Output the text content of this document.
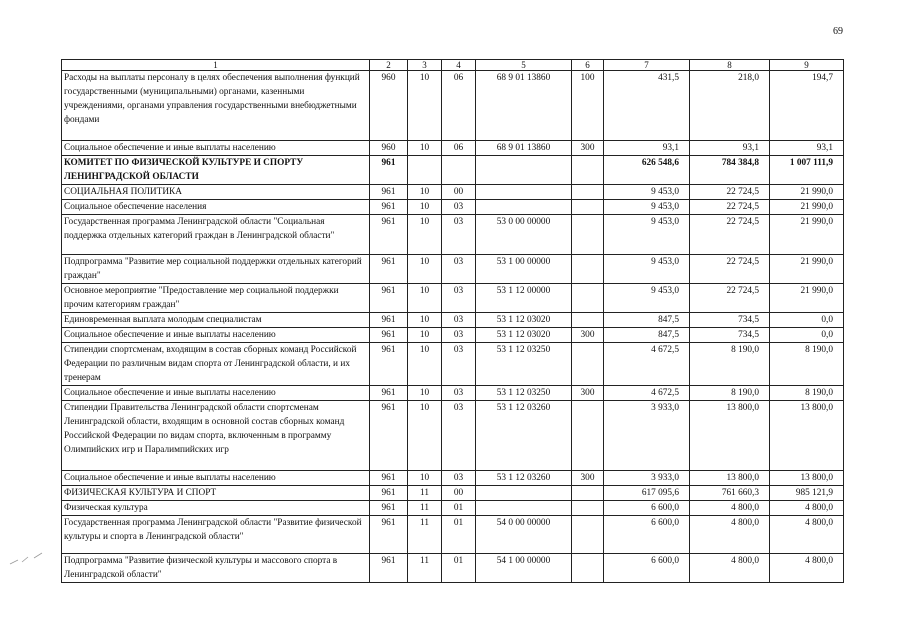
69
1	2	3	4	5	6	7	8	9
Расходы на выплаты персоналу в целях обеспечения выполнения функций государственными (муниципальными) органами, казенными учреждениями, органами управления государственными внебюджетными фондами	960	10	06	68 9 01 13860	100	431,5	218,0	194,7
Социальное обеспечение и иные выплаты населению	960	10	06	68 9 01 13860	300	93,1	93,1	93,1
КОМИТЕТ ПО ФИЗИЧЕСКОЙ КУЛЬТУРЕ И СПОРТУ ЛЕНИНГРАДСКОЙ ОБЛАСТИ	961					626 548,6	784 384,8	1 007 111,9
СОЦИАЛЬНАЯ ПОЛИТИКА	961	10	00			9 453,0	22 724,5	21 990,0
Социальное обеспечение населения	961	10	03			9 453,0	22 724,5	21 990,0
Государственная программа Ленинградской области "Социальная поддержка отдельных категорий граждан в Ленинградской области"	961	10	03	53 0 00 00000		9 453,0	22 724,5	21 990,0
Подпрограмма "Развитие мер социальной поддержки отдельных категорий граждан"	961	10	03	53 1 00 00000		9 453,0	22 724,5	21 990,0
Основное мероприятие "Предоставление мер социальной поддержки прочим категориям граждан"	961	10	03	53 1 12 00000		9 453,0	22 724,5	21 990,0
Единовременная выплата молодым специалистам	961	10	03	53 1 12 03020		847,5	734,5	0,0
Социальное обеспечение и иные выплаты населению	961	10	03	53 1 12 03020	300	847,5	734,5	0,0
Стипендии спортсменам, входящим в состав сборных команд Российской Федерации по различным видам спорта от Ленинградской области, и их тренерам	961	10	03	53 1 12 03250		4 672,5	8 190,0	8 190,0
Социальное обеспечение и иные выплаты населению	961	10	03	53 1 12 03250	300	4 672,5	8 190,0	8 190,0
Стипендии Правительства Ленинградской области спортсменам Ленинградской области, входящим в основной состав сборных команд Российской Федерации по видам спорта, включенным в программу Олимпийских игр и Паралимпийских игр	961	10	03	53 1 12 03260		3 933,0	13 800,0	13 800,0
Социальное обеспечение и иные выплаты населению	961	10	03	53 1 12 03260	300	3 933,0	13 800,0	13 800,0
ФИЗИЧЕСКАЯ КУЛЬТУРА И СПОРТ	961	11	00			617 095,6	761 660,3	985 121,9
Физическая культура	961	11	01			6 600,0	4 800,0	4 800,0
Государственная программа Ленинградской области "Развитие физической культуры и спорта в Ленинградской области"	961	11	01	54 0 00 00000		6 600,0	4 800,0	4 800,0
Подпрограмма "Развитие физической культуры и массового спорта в Ленинградской области"	961	11	01	54 1 00 00000		6 600,0	4 800,0	4 800,0
